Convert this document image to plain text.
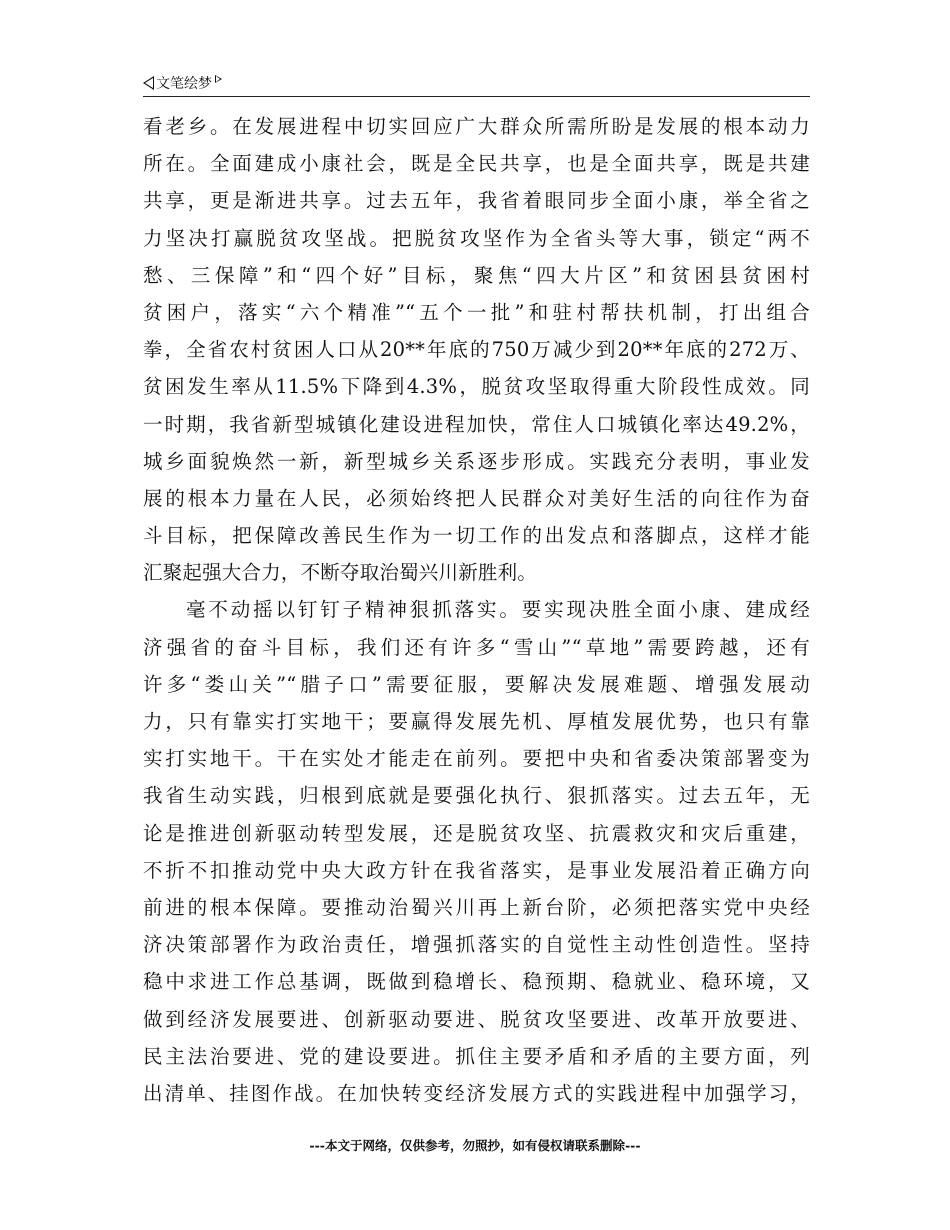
文笔绘梦
看老乡。在发展进程中切实回应广大群众所需所盼是发展的根本动力
所在。全面建成小康社会，既是全民共享，也是全面共享，既是共建
共享，更是渐进共享。过去五年，我省着眼同步全面小康，举全省之
力坚决打赢脱贫攻坚战。把脱贫攻坚作为全省头等大事，锁定“两不
愁、三保障”和“四个好”目标，聚焦“四大片区”和贫困县贫困村
贫困户，落实“六个精准”“五个一批”和驻村帮扶机制，打出组合
拳，全省农村贫困人口从20**年底的750万减少到20**年底的272万、
贫困发生率从11.5%下降到4.3%，脱贫攻坚取得重大阶段性成效。同
一时期，我省新型城镇化建设进程加快，常住人口城镇化率达49.2%，
城乡面貌焕然一新，新型城乡关系逐步形成。实践充分表明，事业发
展的根本力量在人民，必须始终把人民群众对美好生活的向往作为奋
斗目标，把保障改善民生作为一切工作的出发点和落脚点，这样才能
汇聚起强大合力，不断夺取治蜀兴川新胜利。
毫不动摇以钉钉子精神狠抓落实。要实现决胜全面小康、建成经
济强省的奋斗目标，我们还有许多“雪山”“草地”需要跨越，还有
许多“娄山关”“腊子口”需要征服，要解决发展难题、增强发展动
力，只有靠实打实地干；要赢得发展先机、厚植发展优势，也只有靠
实打实地干。干在实处才能走在前列。要把中央和省委决策部署变为
我省生动实践，归根到底就是要强化执行、狠抓落实。过去五年，无
论是推进创新驱动转型发展，还是脱贫攻坚、抗震救灾和灾后重建，
不折不扣推动党中央大政方针在我省落实，是事业发展沿着正确方向
前进的根本保障。要推动治蜀兴川再上新台阶，必须把落实党中央经
济决策部署作为政治责任，增强抓落实的自觉性主动性创造性。坚持
稳中求进工作总基调，既做到稳增长、稳预期、稳就业、稳环境，又
做到经济发展要进、创新驱动要进、脱贫攻坚要进、改革开放要进、
民主法治要进、党的建设要进。抓住主要矛盾和矛盾的主要方面，列
出清单、挂图作战。在加快转变经济发展方式的实践进程中加强学习，
---本文于网络，仅供参考，勿照抄，如有侵权请联系删除---
